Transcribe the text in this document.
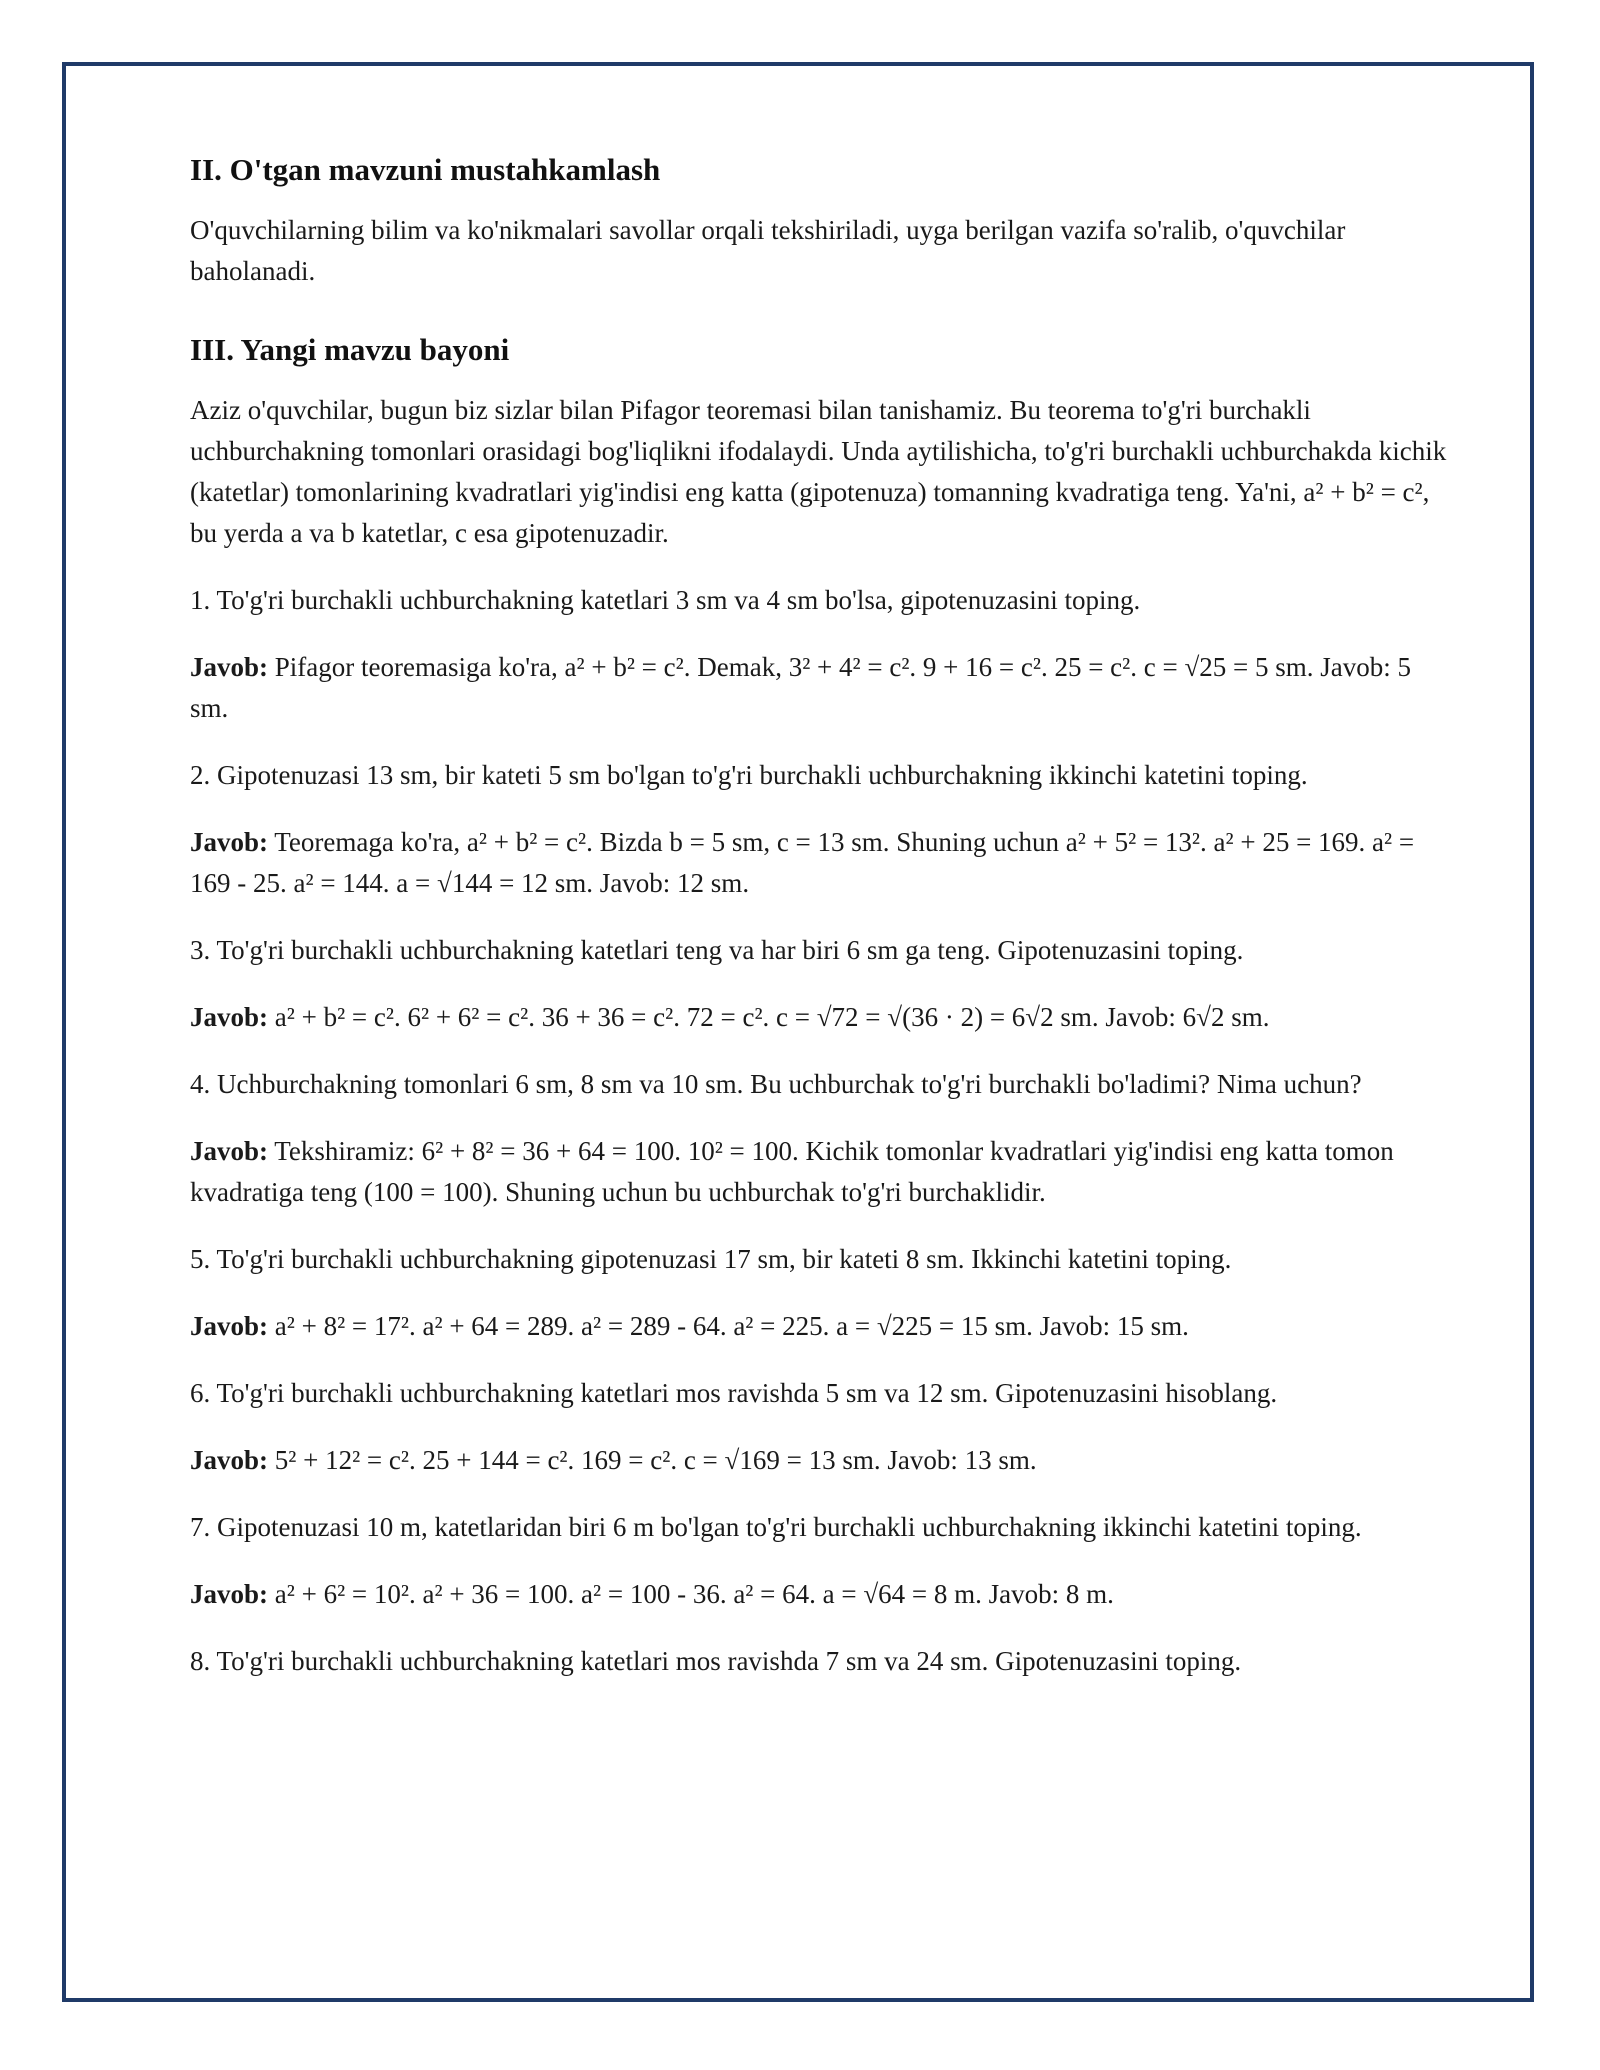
II. O'tgan mavzuni mustahkamlash

O'quvchilarning bilim va ko'nikmalari savollar orqali tekshiriladi, uyga berilgan vazifa so'ralib, o'quvchilar baholanadi.

III. Yangi mavzu bayoni

Aziz o'quvchilar, bugun biz sizlar bilan Pifagor teoremasi bilan tanishamiz. Bu teorema to'g'ri burchakli uchburchakning tomonlari orasidagi bog'liqlikni ifodalaydi. Unda aytilishicha, to'g'ri burchakli uchburchakda kichik (katetlar) tomonlarining kvadratlari yig'indisi eng katta (gipotenuza) tomanning kvadratiga teng. Ya'ni, a² + b² = c², bu yerda a va b katetlar, c esa gipotenuzadir.

1. To'g'ri burchakli uchburchakning katetlari 3 sm va 4 sm bo'lsa, gipotenuzasini toping.

Javob: Pifagor teoremasiga ko'ra, a² + b² = c². Demak, 3² + 4² = c². 9 + 16 = c². 25 = c². c = √25 = 5 sm. Javob: 5 sm.

2. Gipotenuzasi 13 sm, bir kateti 5 sm bo'lgan to'g'ri burchakli uchburchakning ikkinchi katetini toping.

Javob: Teoremaga ko'ra, a² + b² = c². Bizda b = 5 sm, c = 13 sm. Shuning uchun a² + 5² = 13². a² + 25 = 169. a² = 169 - 25. a² = 144. a = √144 = 12 sm. Javob: 12 sm.

3. To'g'ri burchakli uchburchakning katetlari teng va har biri 6 sm ga teng. Gipotenuzasini toping.

Javob: a² + b² = c². 6² + 6² = c². 36 + 36 = c². 72 = c². c = √72 = √(36 · 2) = 6√2 sm. Javob: 6√2 sm.

4. Uchburchakning tomonlari 6 sm, 8 sm va 10 sm. Bu uchburchak to'g'ri burchakli bo'ladimi? Nima uchun?

Javob: Tekshiramiz: 6² + 8² = 36 + 64 = 100. 10² = 100. Kichik tomonlar kvadratlari yig'indisi eng katta tomon kvadratiga teng (100 = 100). Shuning uchun bu uchburchak to'g'ri burchaklidir.

5. To'g'ri burchakli uchburchakning gipotenuzasi 17 sm, bir kateti 8 sm. Ikkinchi katetini toping.

Javob: a² + 8² = 17². a² + 64 = 289. a² = 289 - 64. a² = 225. a = √225 = 15 sm. Javob: 15 sm.

6. To'g'ri burchakli uchburchakning katetlari mos ravishda 5 sm va 12 sm. Gipotenuzasini hisoblang.

Javob: 5² + 12² = c². 25 + 144 = c². 169 = c². c = √169 = 13 sm. Javob: 13 sm.

7. Gipotenuzasi 10 m, katetlaridan biri 6 m bo'lgan to'g'ri burchakli uchburchakning ikkinchi katetini toping.

Javob: a² + 6² = 10². a² + 36 = 100. a² = 100 - 36. a² = 64. a = √64 = 8 m. Javob: 8 m.

8. To'g'ri burchakli uchburchakning katetlari mos ravishda 7 sm va 24 sm. Gipotenuzasini toping.
